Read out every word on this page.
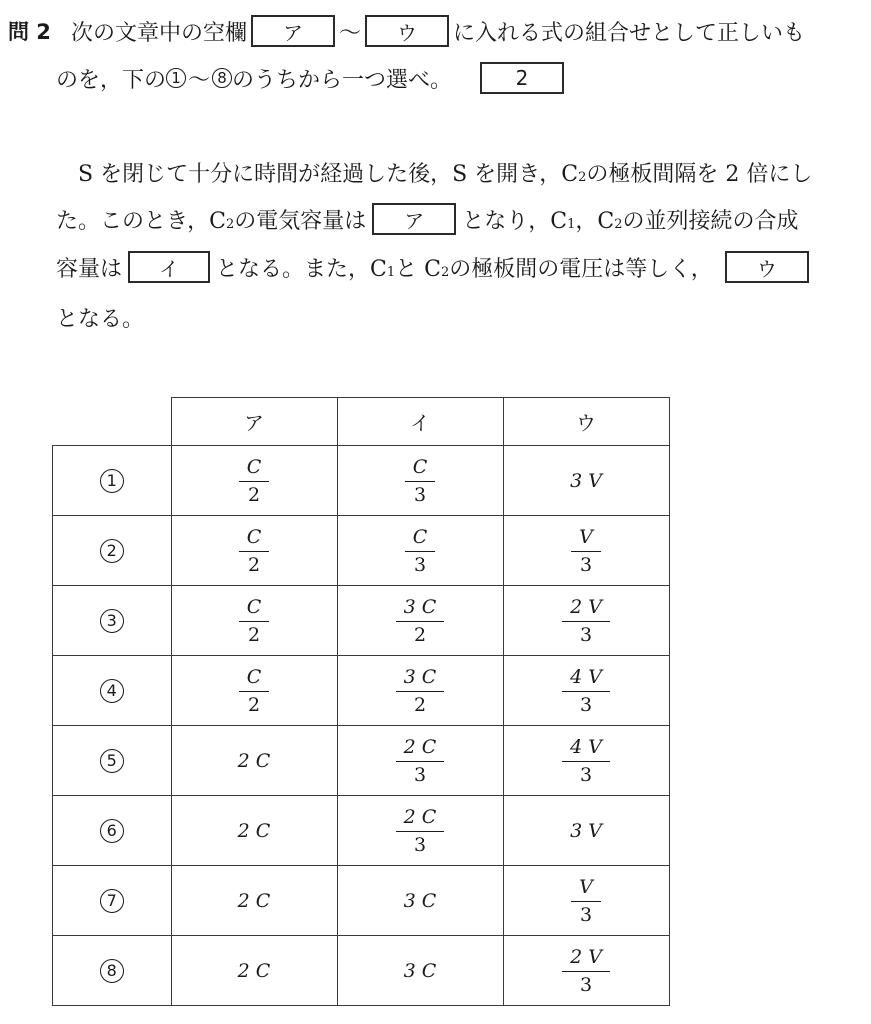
問 2 次の文章中の空欄	ア	～	ウ	に入れる式の組合せとして正しいも
のを，下の 1 ～ 8 のうちから一つ選べ。	2
S を閉じて十分に時間が経過した後，S を開き，C 2 の極板間隔を 2 倍にし
た。このとき，C 2 の電気容量は	ア	となり，C 1 ，C 2 の並列接続の合成
容量は	イ	となる。また，C 1 と C 2 の極板間の電圧は等しく，	ウ
となる。
	ア	イ	ウ
1	$\frac{C}{2}$	$\frac{C}{3}$	3 V
2	$\frac{C}{2}$	$\frac{C}{3}$	$\frac{V}{3}$

3	$\frac{C}{2}$	$\frac{3 C}{2}$	$\frac{2 V}{3}$

4	$\frac{C}{2}$	$\frac{3 C}{2}$	$\frac{4 V}{3}$

5	2 C	$\frac{2 C}{3}$	$\frac{4 V}{3}$

6	2 C	$\frac{2 C}{3}$	3 V
7	2 C	3 C	$\frac{V}{3}$

8	2 C	3 C	$\frac{2 V}{3}$
